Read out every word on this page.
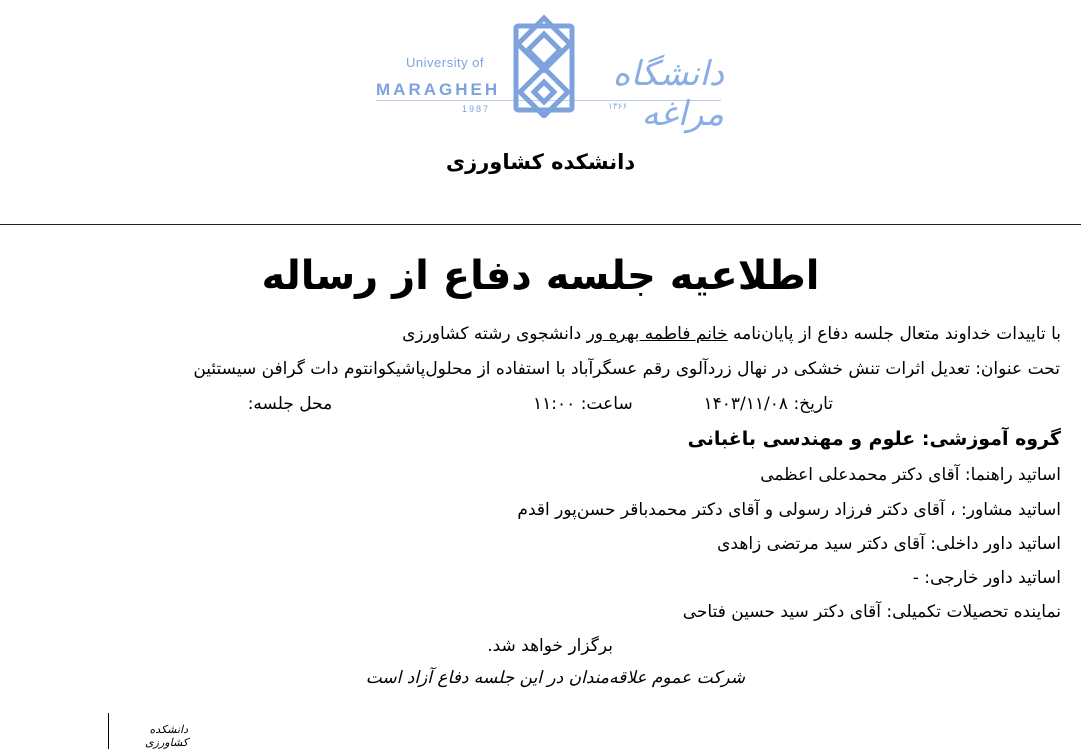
University of
MARAGHEH
1987
دانشگاه مراغه
۱۳۶۶
دانشکده کشاورزی
اطلاعیه جلسه دفاع از رساله
با تاییدات خداوند متعال جلسه دفاع از پایان‌نامه خانم فاطمه بهره ور دانشجوی رشته کشاورزی
تحت عنوان: تعدیل اثرات تنش خشکی در نهال زردآلوی رقم عسگرآباد با استفاده از محلول‌پاشیکوانتوم دات گرافن سیستئین
تاریخ: ۱۴۰۳/۱۱/۰۸  ساعت: ۱۱:۰۰  محل جلسه:
گروه آموزشی: علوم و مهندسی باغبانی
اساتید راهنما: آقای دکتر محمدعلی اعظمی
اساتید مشاور: ، آقای دکتر فرزاد رسولی و آقای دکتر محمدباقر حسن‌پور اقدم
اساتید داور داخلی: آقای دکتر سید مرتضی زاهدی
اساتید داور خارجی: -
نماینده تحصیلات تکمیلی: آقای دکتر سید حسین فتاحی
برگزار خواهد شد.
شرکت عموم علاقه‌مندان در این جلسه دفاع آزاد است
دانشکده کشاورزی
